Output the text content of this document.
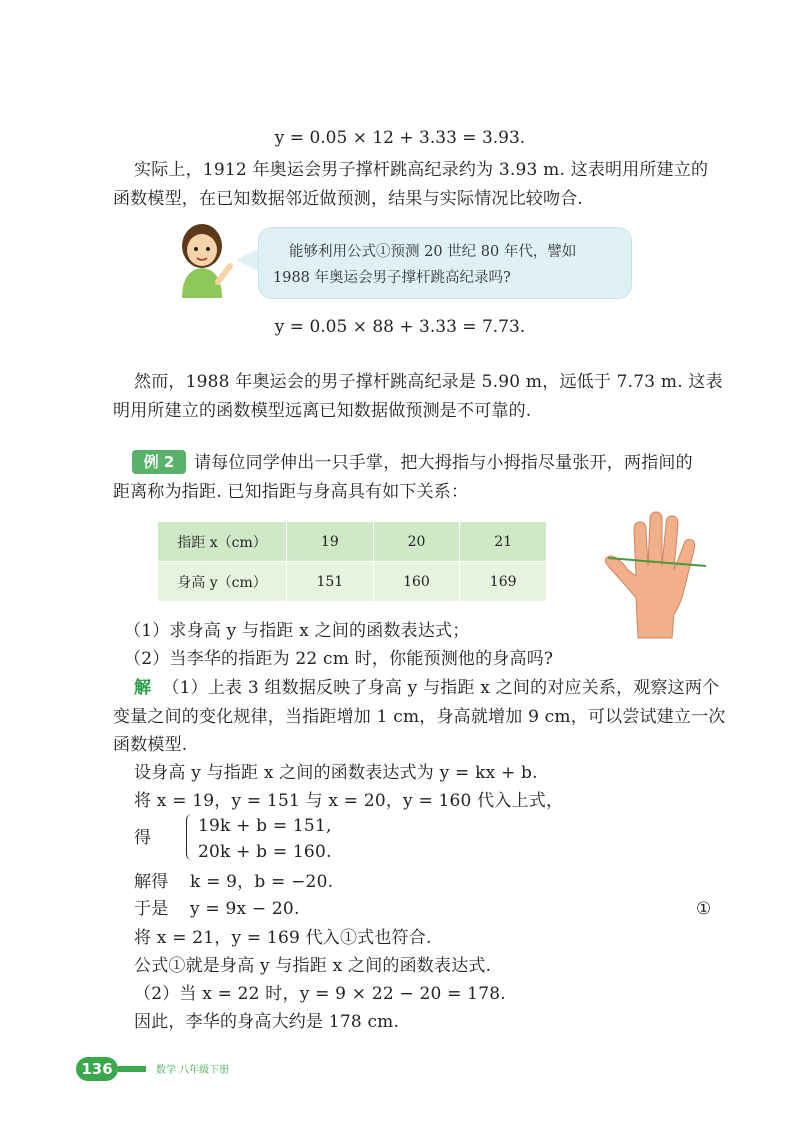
y = 0.05 × 12 + 3.33 = 3.93.
实际上，1912 年奥运会男子撑杆跳高纪录约为 3.93 m. 这表明用所建立的
函数模型，在已知数据邻近做预测，结果与实际情况比较吻合.
能够利用公式①预测 20 世纪 80 年代，譬如
1988 年奥运会男子撑杆跳高纪录吗?
y = 0.05 × 88 + 3.33 = 7.73.
然而，1988 年奥运会的男子撑杆跳高纪录是 5.90 m，远低于 7.73 m. 这表
明用所建立的函数模型远离已知数据做预测是不可靠的.
例 2	请每位同学伸出一只手掌，把大拇指与小拇指尽量张开，两指间的
距离称为指距. 已知指距与身高具有如下关系：
指距 x（cm）	19	20	21
身高 y（cm）	151	160	169
（1）求身高 y 与指距 x 之间的函数表达式；
（2）当李华的指距为 22 cm 时，你能预测他的身高吗?
解 （1）上表 3 组数据反映了身高 y 与指距 x 之间的对应关系，观察这两个
变量之间的变化规律，当指距增加 1 cm，身高就增加 9 cm，可以尝试建立一次
函数模型.
设身高 y 与指距 x 之间的函数表达式为 y = kx + b.
将 x = 19，y = 151 与 x = 20，y = 160 代入上式，
得
19k + b = 151,
20k + b = 160.
解得 k = 9，b = −20.
于是 y = 9x − 20.	①
将 x = 21，y = 169 代入①式也符合.
公式①就是身高 y 与指距 x 之间的函数表达式.
（2）当 x = 22 时，y = 9 × 22 − 20 = 178.
因此，李华的身高大约是 178 cm.
136	数学 八年级下册
